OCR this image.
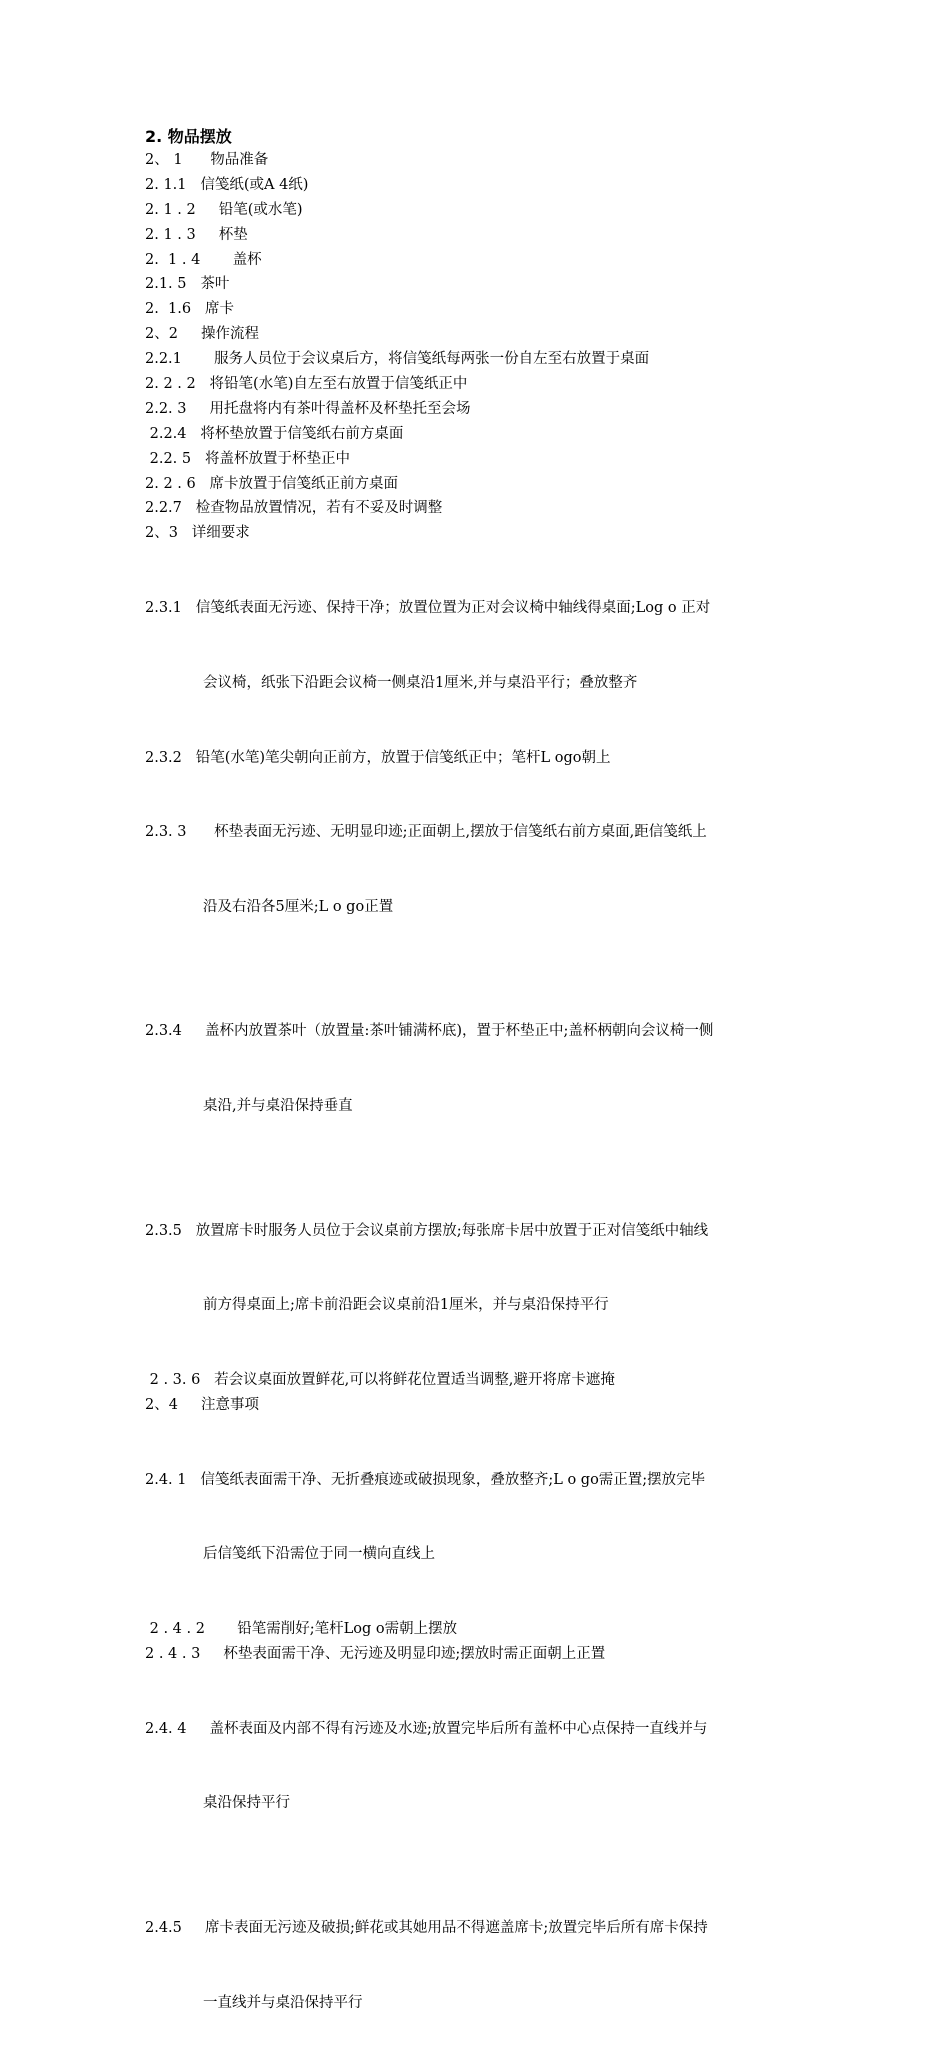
2. 物品摆放
2、 1      物品准备
2. 1.1   信笺纸(或A 4纸)
2. 1 . 2     铅笔(或水笔)
2. 1 . 3     杯垫
2.  1 . 4       盖杯
2.1. 5   茶叶
2.  1.6   席卡
2、2     操作流程
2.2.1       服务人员位于会议桌后方，将信笺纸每两张一份自左至右放置于桌面
2. 2 . 2   将铅笔(水笔)自左至右放置于信笺纸正中
2.2. 3     用托盘将内有茶叶得盖杯及杯垫托至会场
2.2.4   将杯垫放置于信笺纸右前方桌面
2.2. 5   将盖杯放置于杯垫正中
2. 2 . 6   席卡放置于信笺纸正前方桌面
2.2.7   检查物品放置情况，若有不妥及时调整
2、3   详细要求

2.3.1   信笺纸表面无污迹、保持干净；放置位置为正对会议椅中轴线得桌面;Log o 正对

会议椅，纸张下沿距会议椅一侧桌沿1厘米,并与桌沿平行；叠放整齐

2.3.2   铅笔(水笔)笔尖朝向正前方，放置于信笺纸正中；笔杆L ogo朝上

2.3. 3      杯垫表面无污迹、无明显印迹;正面朝上,摆放于信笺纸右前方桌面,距信笺纸上

沿及右沿各5厘米;L o go正置

2.3.4     盖杯内放置茶叶（放置量:茶叶铺满杯底)，置于杯垫正中;盖杯柄朝向会议椅一侧

桌沿,并与桌沿保持垂直

2.3.5   放置席卡时服务人员位于会议桌前方摆放;每张席卡居中放置于正对信笺纸中轴线

前方得桌面上;席卡前沿距会议桌前沿1厘米，并与桌沿保持平行

2 . 3. 6   若会议桌面放置鲜花,可以将鲜花位置适当调整,避开将席卡遮掩
2、4     注意事项

2.4. 1   信笺纸表面需干净、无折叠痕迹或破损现象，叠放整齐;L o go需正置;摆放完毕

后信笺纸下沿需位于同一横向直线上

2 . 4 . 2       铅笔需削好;笔杆Log o需朝上摆放
2 . 4 . 3     杯垫表面需干净、无污迹及明显印迹;摆放时需正面朝上正置

2.4. 4     盖杯表面及内部不得有污迹及水迹;放置完毕后所有盖杯中心点保持一直线并与

桌沿保持平行

2.4.5     席卡表面无污迹及破损;鲜花或其她用品不得遮盖席卡;放置完毕后所有席卡保持

一直线并与桌沿保持平行
